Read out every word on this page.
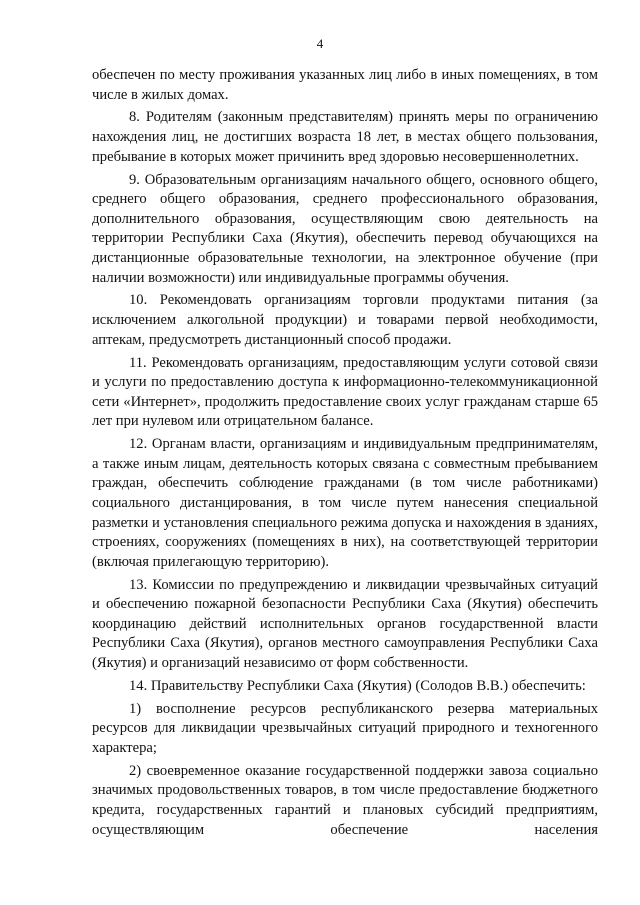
4

обеспечен по месту проживания указанных лиц либо в иных помещениях, в том числе в жилых домах.

8. Родителям (законным представителям) принять меры по ограничению нахождения лиц, не достигших возраста 18 лет, в местах общего пользования, пребывание в которых может причинить вред здоровью несовершеннолетних.

9. Образовательным организациям начального общего, основного общего, среднего общего образования, среднего профессионального образования, дополнительного образования, осуществляющим свою деятельность на территории Республики Саха (Якутия), обеспечить перевод обучающихся на дистанционные образовательные технологии, на электронное обучение (при наличии возможности) или индивидуальные программы обучения.

10. Рекомендовать организациям торговли продуктами питания (за исключением алкогольной продукции) и товарами первой необходимости, аптекам, предусмотреть дистанционный способ продажи.

11. Рекомендовать организациям, предоставляющим услуги сотовой связи и услуги по предоставлению доступа к информационно-телекоммуникационной сети «Интернет», продолжить предоставление своих услуг гражданам старше 65 лет при нулевом или отрицательном балансе.

12. Органам власти, организациям и индивидуальным предпринимателям, а также иным лицам, деятельность которых связана с совместным пребыванием граждан, обеспечить соблюдение гражданами (в том числе работниками) социального дистанцирования, в том числе путем нанесения специальной разметки и установления специального режима допуска и нахождения в зданиях, строениях, сооружениях (помещениях в них), на соответствующей территории (включая прилегающую территорию).

13. Комиссии по предупреждению и ликвидации чрезвычайных ситуаций и обеспечению пожарной безопасности Республики Саха (Якутия) обеспечить координацию действий исполнительных органов государственной власти Республики Саха (Якутия), органов местного самоуправления Республики Саха (Якутия) и организаций независимо от форм собственности.

14. Правительству Республики Саха (Якутия) (Солодов В.В.) обеспечить:

1) восполнение ресурсов республиканского резерва материальных ресурсов для ликвидации чрезвычайных ситуаций природного и техногенного характера;

2) своевременное оказание государственной поддержки завоза социально значимых продовольственных товаров, в том числе предоставление бюджетного кредита, государственных гарантий и плановых субсидий предприятиям, осуществляющим обеспечение населения
